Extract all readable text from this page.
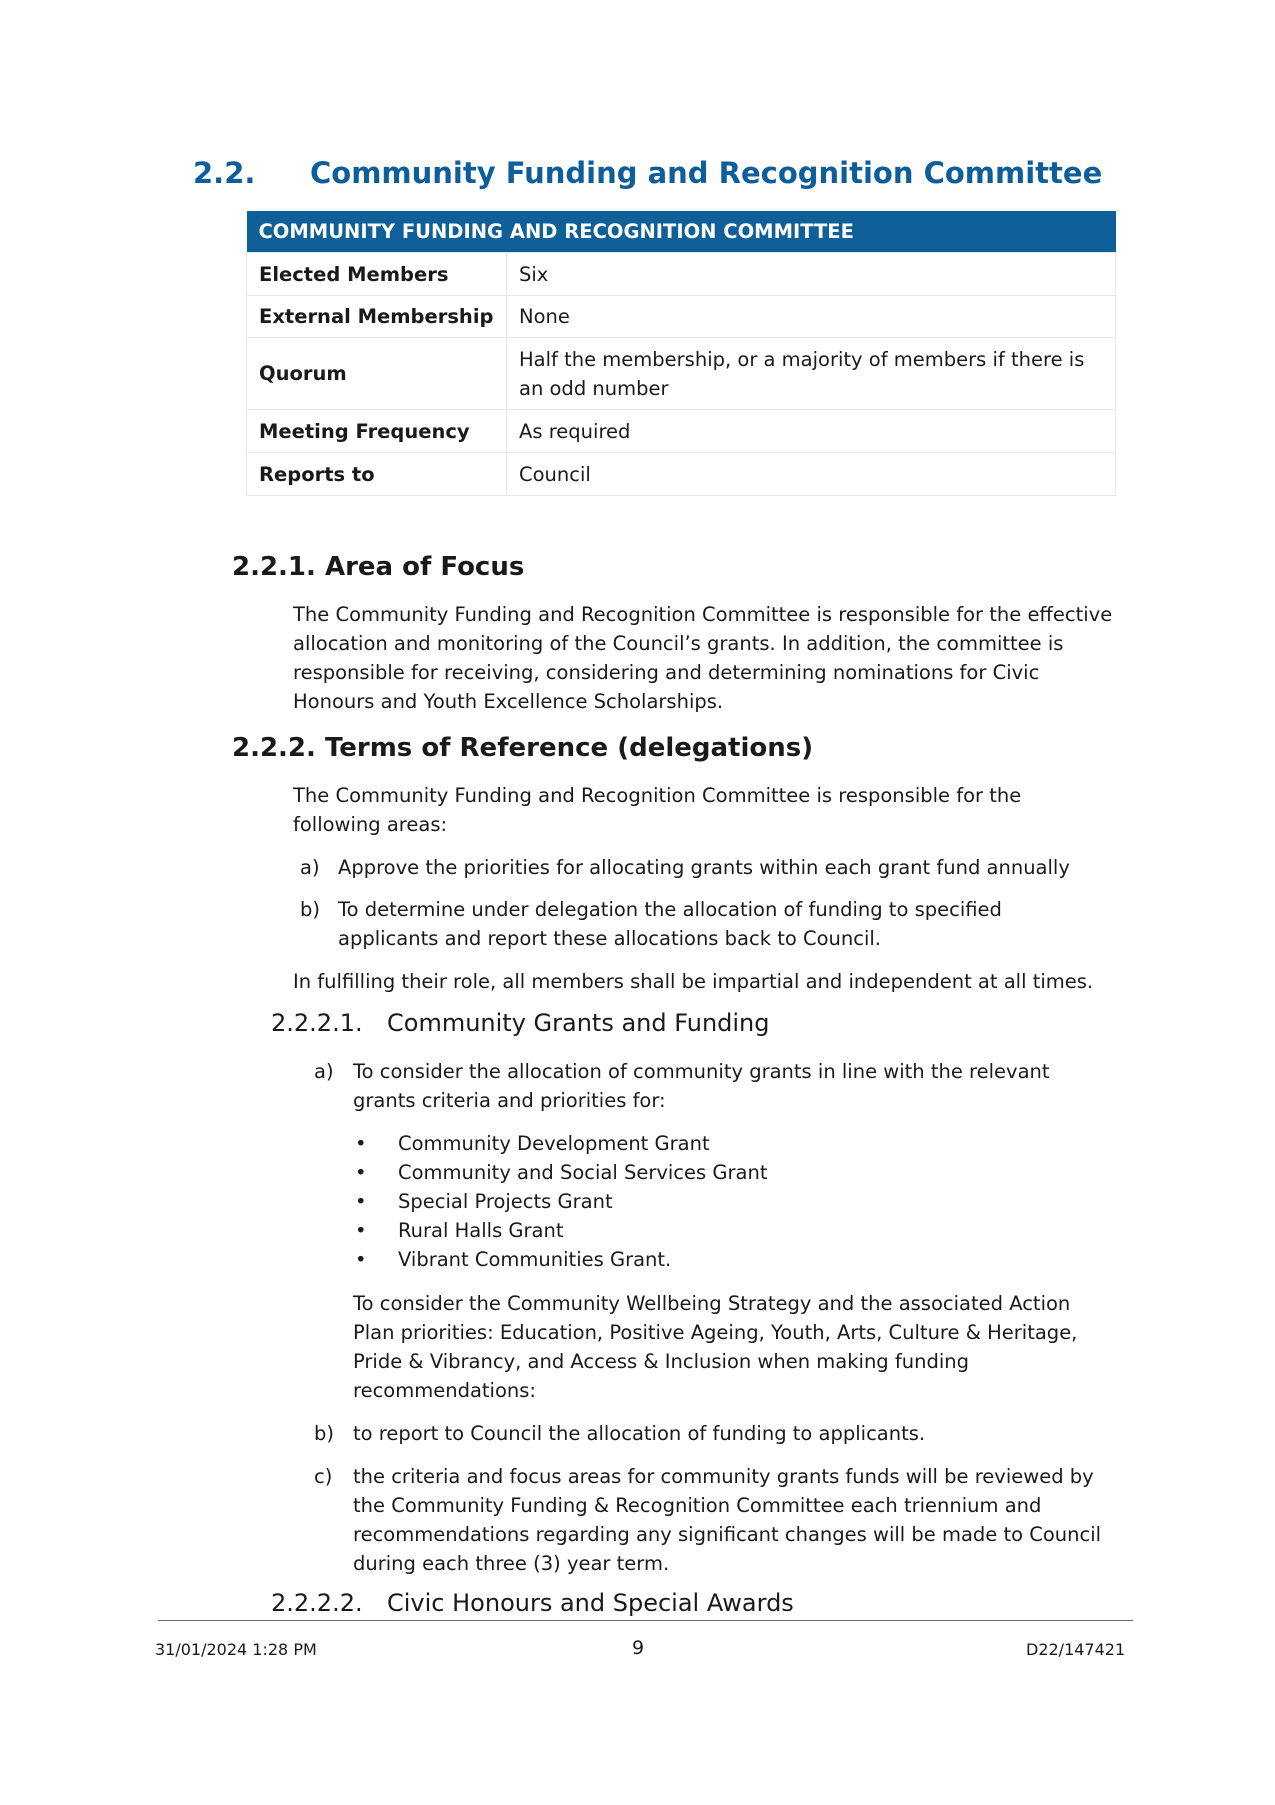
2.2. Community Funding and Recognition Committee
COMMUNITY FUNDING AND RECOGNITION COMMITTEE	
Elected Members	Six
External Membership	None
Quorum	Half the membership, or a majority of members if there is an odd number
Meeting Frequency	As required
Reports to	Council
2.2.1. Area of Focus
The Community Funding and Recognition Committee is responsible for the effective allocation and monitoring of the Council’s grants. In addition, the committee is responsible for receiving, considering and determining nominations for Civic Honours and Youth Excellence Scholarships.
2.2.2. Terms of Reference (delegations)
The Community Funding and Recognition Committee is responsible for the following areas:
a) Approve the priorities for allocating grants within each grant fund annually
b) To determine under delegation the allocation of funding to specified applicants and report these allocations back to Council.
In fulfilling their role, all members shall be impartial and independent at all times.
2.2.2.1. Community Grants and Funding
a) To consider the allocation of community grants in line with the relevant grants criteria and priorities for:
• Community Development Grant
• Community and Social Services Grant
• Special Projects Grant
• Rural Halls Grant
• Vibrant Communities Grant.
To consider the Community Wellbeing Strategy and the associated Action Plan priorities: Education, Positive Ageing, Youth, Arts, Culture & Heritage, Pride & Vibrancy, and Access & Inclusion when making funding recommendations:
b) to report to Council the allocation of funding to applicants.
c) the criteria and focus areas for community grants funds will be reviewed by the Community Funding & Recognition Committee each triennium and recommendations regarding any significant changes will be made to Council during each three (3) year term.
2.2.2.2. Civic Honours and Special Awards
31/01/2024 1:28 PM	9	D22/147421
